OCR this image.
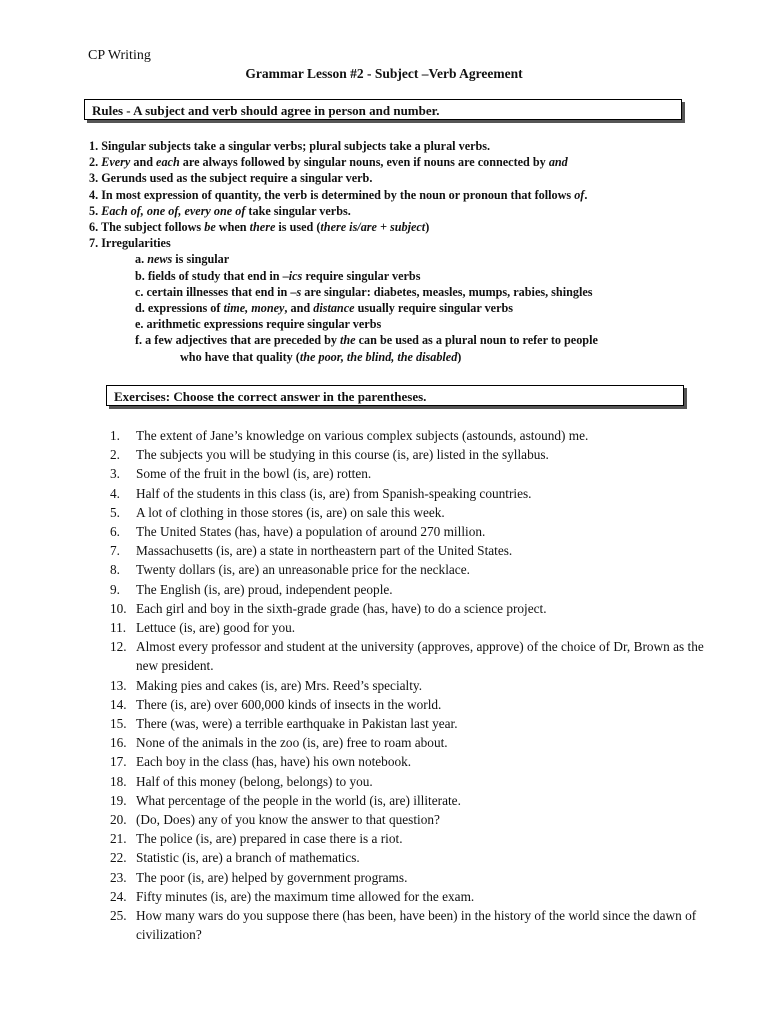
CP Writing
Grammar Lesson #2 - Subject –Verb Agreement
Rules - A subject and verb should agree in person and number.
1. Singular subjects take a singular verbs; plural subjects take a plural verbs.
2. Every and each are always followed by singular nouns, even if nouns are connected by and
3. Gerunds used as the subject require a singular verb.
4. In most expression of quantity, the verb is determined by the noun or pronoun that follows of.
5. Each of, one of, every one of take singular verbs.
6. The subject follows be when there is used (there is/are + subject)
7. Irregularities
a. news is singular
b. fields of study that end in –ics require singular verbs
c. certain illnesses that end in –s are singular: diabetes, measles, mumps, rabies, shingles
d. expressions of time, money, and distance usually require singular verbs
e. arithmetic expressions require singular verbs
f. a few adjectives that are preceded by the can be used as a plural noun to refer to people
who have that quality (the poor, the blind, the disabled)
Exercises: Choose the correct answer in the parentheses.
1.	The extent of Jane’s knowledge on various complex subjects (astounds, astound) me.
2.	The subjects you will be studying in this course (is, are) listed in the syllabus.
3.	Some of the fruit in the bowl (is, are) rotten.
4.	Half of the students in this class (is, are) from Spanish-speaking countries.
5.	A lot of clothing in those stores (is, are) on sale this week.
6.	The United States (has, have) a population of around 270 million.
7.	Massachusetts (is, are) a state in northeastern part of the United States.
8.	Twenty dollars (is, are) an unreasonable price for the necklace.
9.	The English (is, are) proud, independent people.
10. Each girl and boy in the sixth-grade grade (has, have) to do a science project.
11. Lettuce (is, are) good for you.
12. Almost every professor and student at the university (approves, approve) of the choice of Dr, Brown as the new president.
13. Making pies and cakes (is, are) Mrs. Reed’s specialty.
14. There (is, are) over 600,000 kinds of insects in the world.
15. There (was, were) a terrible earthquake in Pakistan last year.
16. None of the animals in the zoo (is, are) free to roam about.
17. Each boy in the class (has, have) his own notebook.
18. Half of this money (belong, belongs) to you.
19. What percentage of the people in the world (is, are) illiterate.
20. (Do, Does) any of you know the answer to that question?
21. The police (is, are) prepared in case there is a riot.
22. Statistic (is, are) a branch of mathematics.
23. The poor (is, are) helped by government programs.
24. Fifty minutes (is, are) the maximum time allowed for the exam.
25. How many wars do you suppose there (has been, have been) in the history of the world since the dawn of civilization?
